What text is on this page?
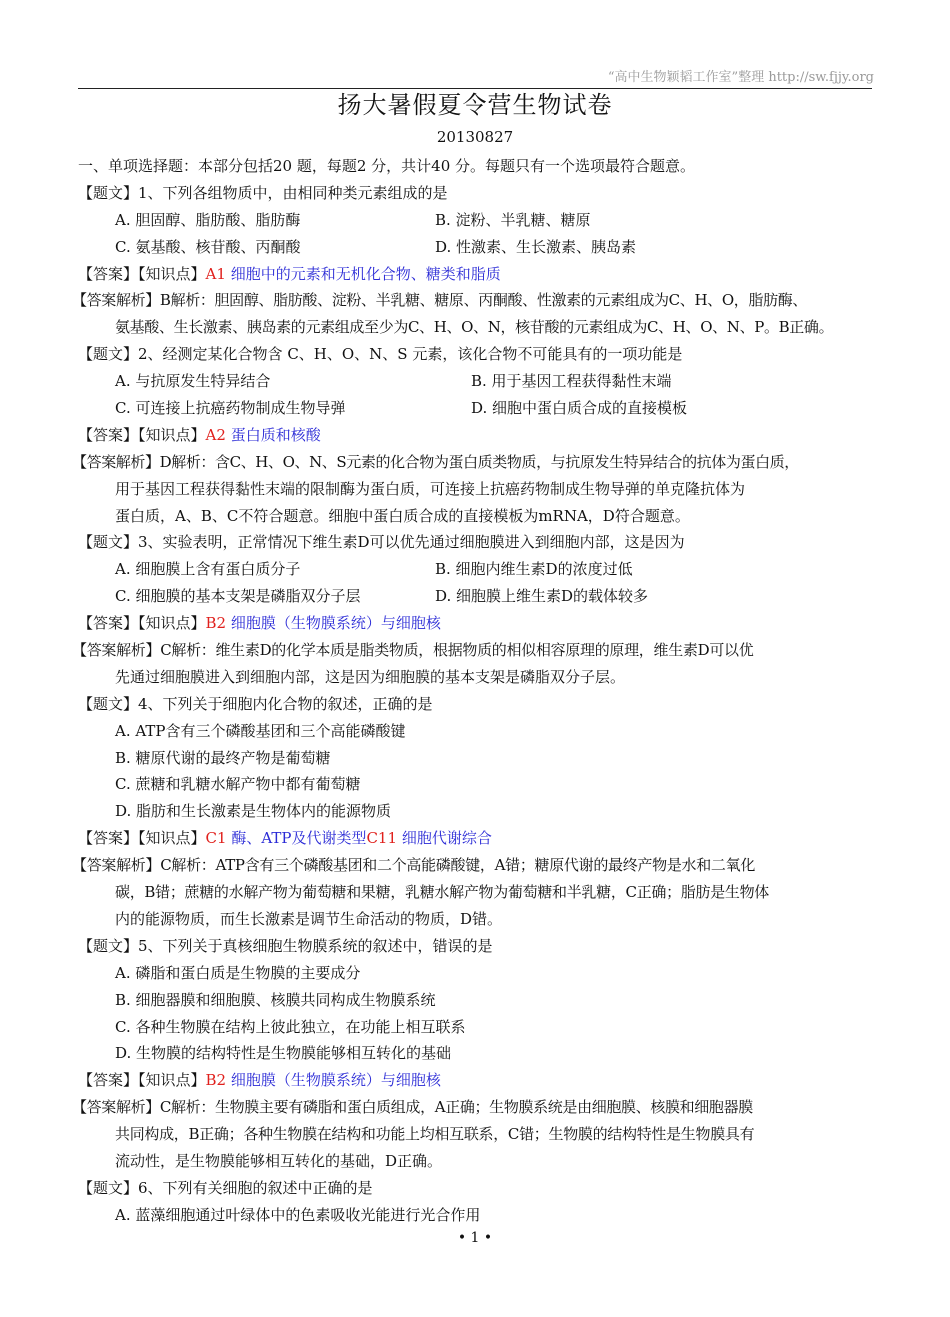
“高中生物颖韬工作室”整理 http://sw.fjjy.org
扬大暑假夏令营生物试卷
20130827
一、单项选择题：本部分包括20 题，每题2 分，共计40 分。每题只有一个选项最符合题意。
【题文】1、下列各组物质中，由相同种类元素组成的是
A. 胆固醇、脂肪酸、脂肪酶	B. 淀粉、半乳糖、糖原
C. 氨基酸、核苷酸、丙酮酸	D. 性激素、生长激素、胰岛素
【答案】【知识点】A1 细胞中的元素和无机化合物、糖类和脂质
【答案解析】B解析：胆固醇、脂肪酸、淀粉、半乳糖、糖原、丙酮酸、性激素的元素组成为C、H、O，脂肪酶、
氨基酸、生长激素、胰岛素的元素组成至少为C、H、O、N，核苷酸的元素组成为C、H、O、N、P。B正确。
【题文】2、经测定某化合物含 C、H、O、N、S 元素，该化合物不可能具有的一项功能是
A. 与抗原发生特异结合	B. 用于基因工程获得黏性末端
C. 可连接上抗癌药物制成生物导弹	D. 细胞中蛋白质合成的直接模板
【答案】【知识点】A2 蛋白质和核酸
【答案解析】D解析：含C、H、O、N、S元素的化合物为蛋白质类物质，与抗原发生特异结合的抗体为蛋白质，
用于基因工程获得黏性末端的限制酶为蛋白质，可连接上抗癌药物制成生物导弹的单克隆抗体为
蛋白质，A、B、C不符合题意。细胞中蛋白质合成的直接模板为mRNA，D符合题意。
【题文】3、实验表明，正常情况下维生素D可以优先通过细胞膜进入到细胞内部，这是因为
A. 细胞膜上含有蛋白质分子	B. 细胞内维生素D的浓度过低
C. 细胞膜的基本支架是磷脂双分子层	D. 细胞膜上维生素D的载体较多
【答案】【知识点】B2 细胞膜（生物膜系统）与细胞核
【答案解析】C解析：维生素D的化学本质是脂类物质，根据物质的相似相容原理的原理，维生素D可以优
先通过细胞膜进入到细胞内部，这是因为细胞膜的基本支架是磷脂双分子层。
【题文】4、下列关于细胞内化合物的叙述，正确的是
A. ATP含有三个磷酸基团和三个高能磷酸键
B. 糖原代谢的最终产物是葡萄糖
C. 蔗糖和乳糖水解产物中都有葡萄糖
D. 脂肪和生长激素是生物体内的能源物质
【答案】【知识点】C1 酶、ATP及代谢类型C11 细胞代谢综合
【答案解析】C解析：ATP含有三个磷酸基团和二个高能磷酸键，A错；糖原代谢的最终产物是水和二氧化
碳，B错；蔗糖的水解产物为葡萄糖和果糖，乳糖水解产物为葡萄糖和半乳糖，C正确；脂肪是生物体
内的能源物质，而生长激素是调节生命活动的物质，D错。
【题文】5、下列关于真核细胞生物膜系统的叙述中，错误的是
A. 磷脂和蛋白质是生物膜的主要成分
B. 细胞器膜和细胞膜、核膜共同构成生物膜系统
C. 各种生物膜在结构上彼此独立，在功能上相互联系
D. 生物膜的结构特性是生物膜能够相互转化的基础
【答案】【知识点】B2 细胞膜（生物膜系统）与细胞核
【答案解析】C解析：生物膜主要有磷脂和蛋白质组成，A正确；生物膜系统是由细胞膜、核膜和细胞器膜
共同构成，B正确；各种生物膜在结构和功能上均相互联系，C错；生物膜的结构特性是生物膜具有
流动性，是生物膜能够相互转化的基础，D正确。
【题文】6、下列有关细胞的叙述中正确的是
A. 蓝藻细胞通过叶绿体中的色素吸收光能进行光合作用
• 1 •
